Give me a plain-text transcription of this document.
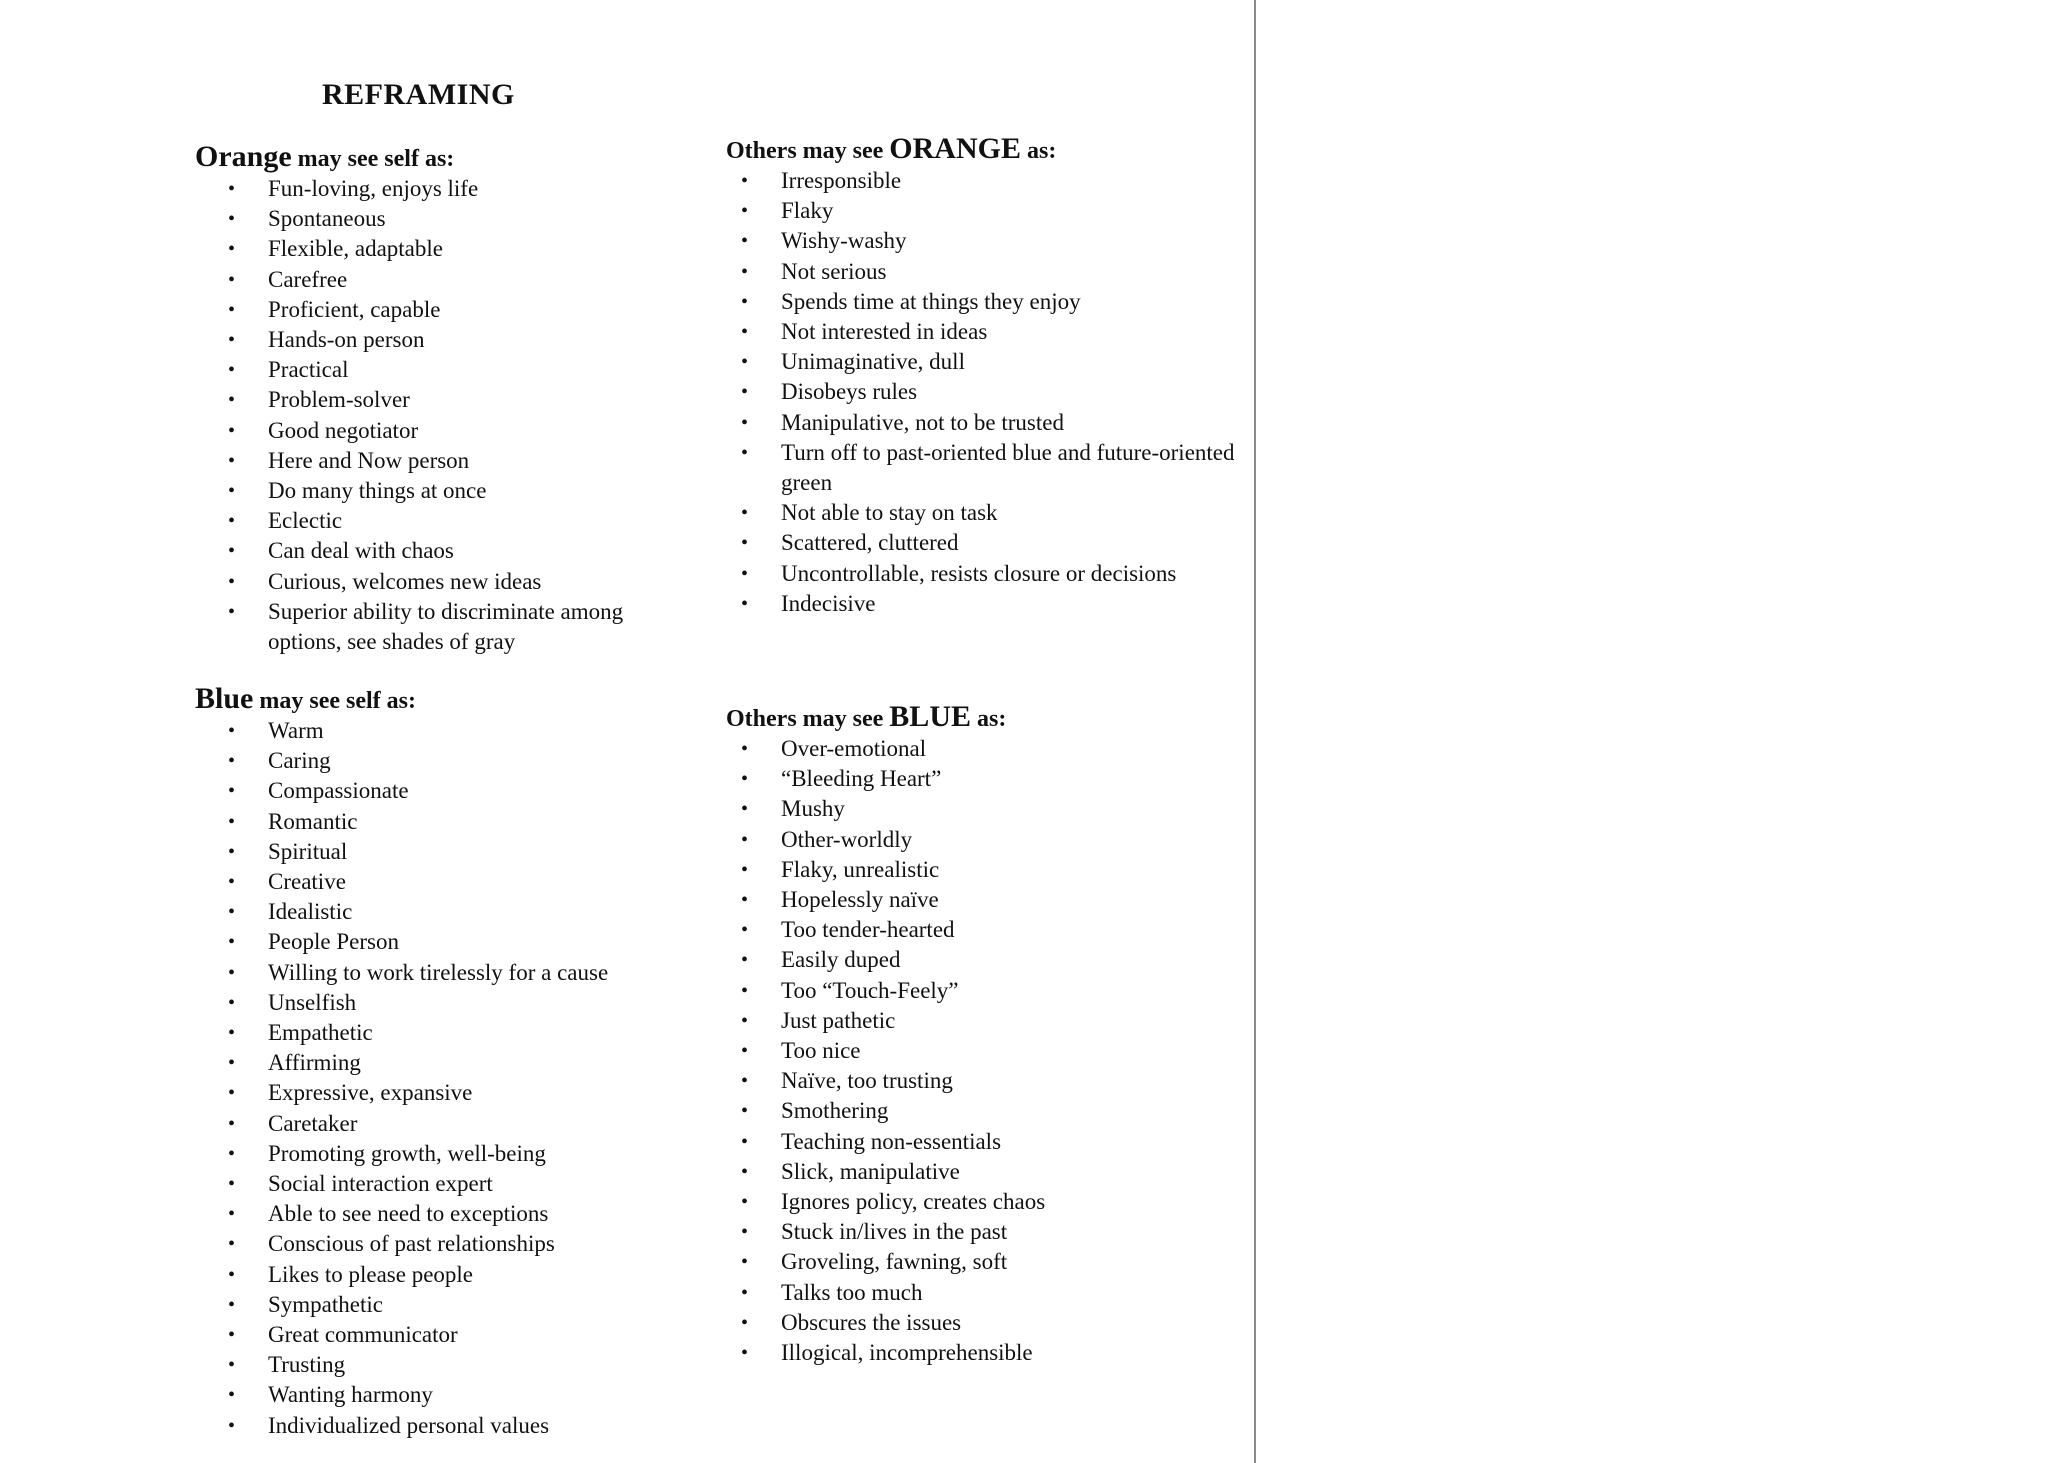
REFRAMING
Orange may see self as:
• Fun-loving, enjoys life
• Spontaneous
• Flexible, adaptable
• Carefree
• Proficient, capable
• Hands-on person
• Practical
• Problem-solver
• Good negotiator
• Here and Now person
• Do many things at once
• Eclectic
• Can deal with chaos
• Curious, welcomes new ideas
• Superior ability to discriminate among options, see shades of gray
Others may see ORANGE as:
• Irresponsible
• Flaky
• Wishy-washy
• Not serious
• Spends time at things they enjoy
• Not interested in ideas
• Unimaginative, dull
• Disobeys rules
• Manipulative, not to be trusted
• Turn off to past-oriented blue and future-oriented green
• Not able to stay on task
• Scattered, cluttered
• Uncontrollable, resists closure or decisions
• Indecisive
Blue may see self as:
• Warm
• Caring
• Compassionate
• Romantic
• Spiritual
• Creative
• Idealistic
• People Person
• Willing to work tirelessly for a cause
• Unselfish
• Empathetic
• Affirming
• Expressive, expansive
• Caretaker
• Promoting growth, well-being
• Social interaction expert
• Able to see need to exceptions
• Conscious of past relationships
• Likes to please people
• Sympathetic
• Great communicator
• Trusting
• Wanting harmony
• Individualized personal values
Others may see BLUE as:
• Over-emotional
• “Bleeding Heart”
• Mushy
• Other-worldly
• Flaky, unrealistic
• Hopelessly naïve
• Too tender-hearted
• Easily duped
• Too “Touch-Feely”
• Just pathetic
• Too nice
• Naïve, too trusting
• Smothering
• Teaching non-essentials
• Slick, manipulative
• Ignores policy, creates chaos
• Stuck in/lives in the past
• Groveling, fawning, soft
• Talks too much
• Obscures the issues
• Illogical, incomprehensible
